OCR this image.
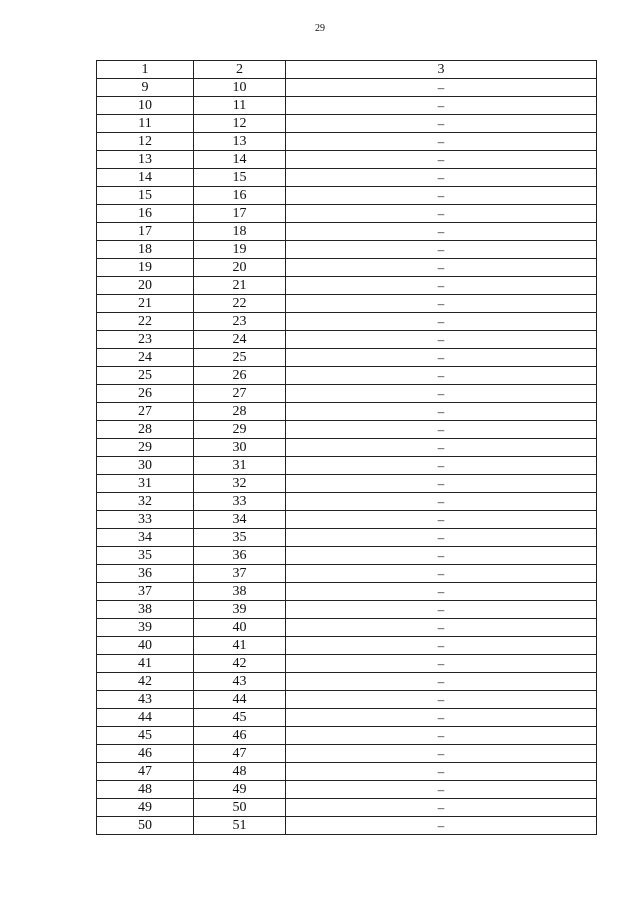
29
1	2	3
9	10	–
10	11	–
11	12	–
12	13	–
13	14	–
14	15	–
15	16	–
16	17	–
17	18	–
18	19	–
19	20	–
20	21	–
21	22	–
22	23	–
23	24	–
24	25	–
25	26	–
26	27	–
27	28	–
28	29	–
29	30	–
30	31	–
31	32	–
32	33	–
33	34	–
34	35	–
35	36	–
36	37	–
37	38	–
38	39	–
39	40	–
40	41	–
41	42	–
42	43	–
43	44	–
44	45	–
45	46	–
46	47	–
47	48	–
48	49	–
49	50	–
50	51	–
